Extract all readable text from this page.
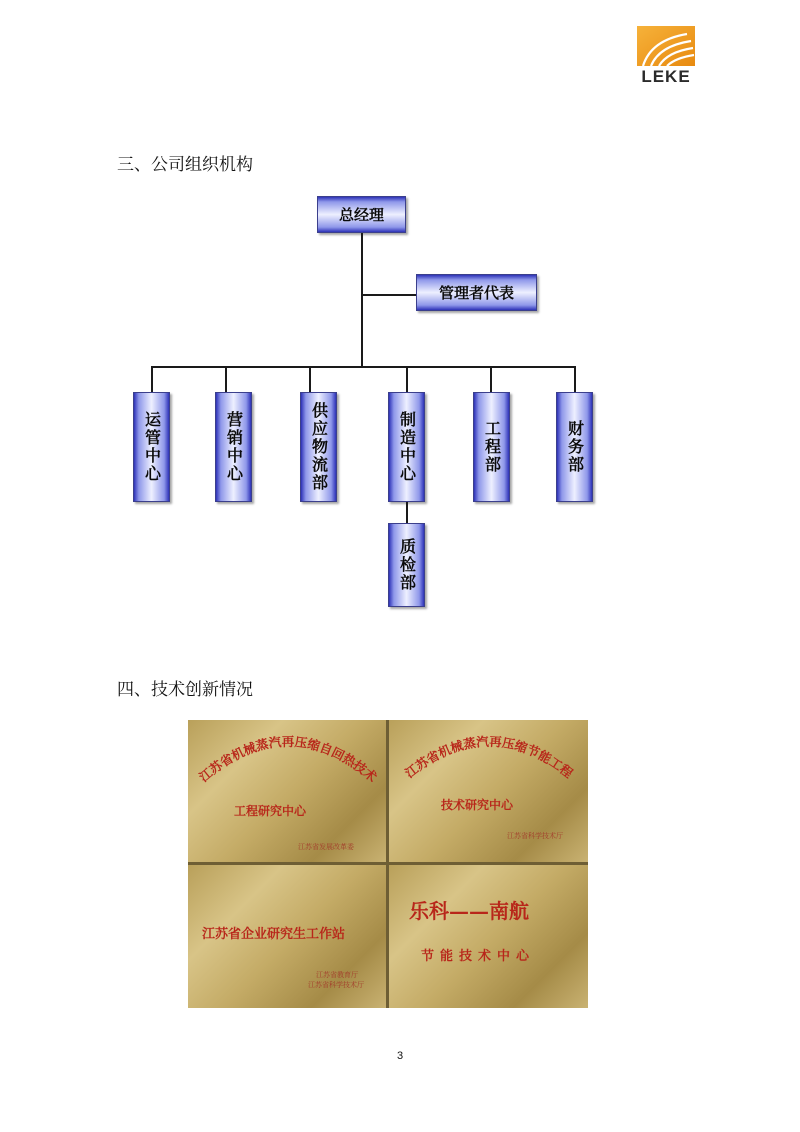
LEKE
三、公司组织机构
总经理
管理者代表
运管中心	营销中心	供应物流部	制造中心	工程部	财务部
质检部
四、技术创新情况
江苏省机械蒸汽再压缩自回热技术
工程研究中心
江苏省发展改革委
江苏省机械蒸汽再压缩节能工程
技术研究中心
江苏省科学技术厅
江苏省企业研究生工作站
江苏省教育厅
江苏省科学技术厅
乐科——南航
节能技术中心
3
